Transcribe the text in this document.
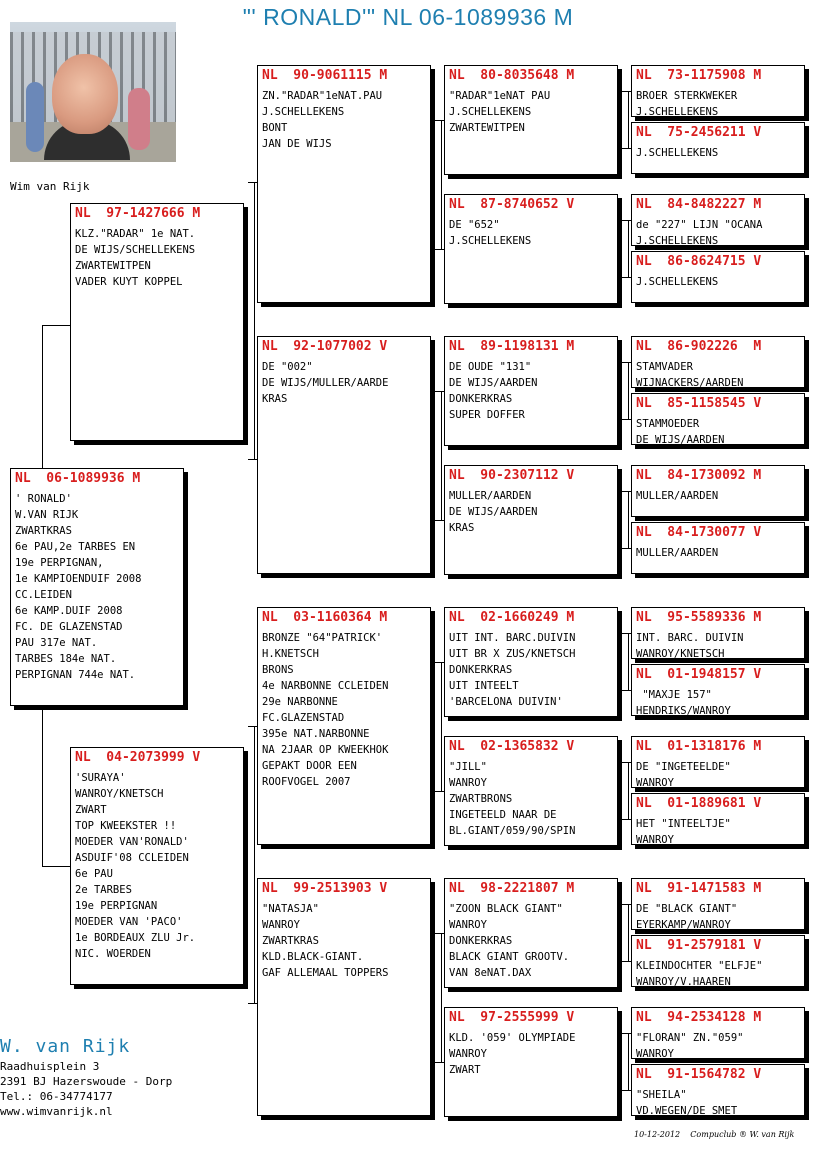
"' RONALD'" NL 06-1089936 M
Wim van Rijk
NL  06-1089936 M
' RONALD'
W.VAN RIJK
ZWARTKRAS
6e PAU,2e TARBES EN
19e PERPIGNAN,
1e KAMPIOENDUIF 2008
CC.LEIDEN
6e KAMP.DUIF 2008
FC. DE GLAZENSTAD
PAU 317e NAT.
TARBES 184e NAT.
PERPIGNAN 744e NAT.
NL  97-1427666 M
KLZ."RADAR" 1e NAT.
DE WIJS/SCHELLEKENS
ZWARTEWITPEN
VADER KUYT KOPPEL
NL  04-2073999 V
'SURAYA'
WANROY/KNETSCH
ZWART
TOP KWEEKSTER !!
MOEDER VAN'RONALD'
ASDUIF'08 CCLEIDEN
6e PAU
2e TARBES
19e PERPIGNAN
MOEDER VAN 'PACO'
1e BORDEAUX ZLU Jr.
NIC. WOERDEN
NL  90-9061115 M
ZN."RADAR"1eNAT.PAU
J.SCHELLEKENS
BONT
JAN DE WIJS
NL  92-1077002 V
DE "002"
DE WIJS/MULLER/AARDE
KRAS
NL  03-1160364 M
BRONZE "64"PATRICK'
H.KNETSCH
BRONS
4e NARBONNE CCLEIDEN
29e NARBONNE
FC.GLAZENSTAD
395e NAT.NARBONNE
NA 2JAAR OP KWEEKHOK
GEPAKT DOOR EEN
ROOFVOGEL 2007
NL  99-2513903 V
"NATASJA"
WANROY
ZWARTKRAS
KLD.BLACK-GIANT.
GAF ALLEMAAL TOPPERS
NL  80-8035648 M
"RADAR"1eNAT PAU
J.SCHELLEKENS
ZWARTEWITPEN
NL  87-8740652 V
DE "652"
J.SCHELLEKENS
NL  89-1198131 M
DE OUDE "131"
DE WIJS/AARDEN
DONKERKRAS
SUPER DOFFER
NL  90-2307112 V
MULLER/AARDEN
DE WIJS/AARDEN
KRAS
NL  02-1660249 M
UIT INT. BARC.DUIVIN
UIT BR X ZUS/KNETSCH
DONKERKRAS
UIT INTEELT
'BARCELONA DUIVIN'
NL  02-1365832 V
"JILL"
WANROY
ZWARTBRONS
INGETEELD NAAR DE
BL.GIANT/059/90/SPIN
NL  98-2221807 M
"ZOON BLACK GIANT"
WANROY
DONKERKRAS
BLACK GIANT GROOTV.
VAN 8eNAT.DAX
NL  97-2555999 V
KLD. '059' OLYMPIADE
WANROY
ZWART
NL  73-1175908 M
BROER STERKWEKER
J.SCHELLEKENS
NL  75-2456211 V
J.SCHELLEKENS
NL  84-8482227 M
de "227" LIJN "OCANA
J.SCHELLEKENS
NL  86-8624715 V
J.SCHELLEKENS
NL  86-902226  M
STAMVADER
WIJNACKERS/AARDEN
NL  85-1158545 V
STAMMOEDER
DE WIJS/AARDEN
NL  84-1730092 M
MULLER/AARDEN
NL  84-1730077 V
MULLER/AARDEN
NL  95-5589336 M
INT. BARC. DUIVIN
WANROY/KNETSCH
NL  01-1948157 V
"MAXJE 157"
HENDRIKS/WANROY
NL  01-1318176 M
DE "INGETEELDE"
WANROY
NL  01-1889681 V
HET "INTEELTJE"
WANROY
NL  91-1471583 M
DE "BLACK GIANT"
EYERKAMP/WANROY
NL  91-2579181 V
KLEINDOCHTER "ELFJE"
WANROY/V.HAAREN
NL  94-2534128 M
"FLORAN" ZN."059"
WANROY
NL  91-1564782 V
"SHEILA"
VD.WEGEN/DE SMET
W. van Rijk
Raadhuisplein 3
2391 BJ Hazerswoude - Dorp
Tel.: 06-34774177
www.wimvanrijk.nl
10-12-2012    Compuclub ® W. van Rijk
